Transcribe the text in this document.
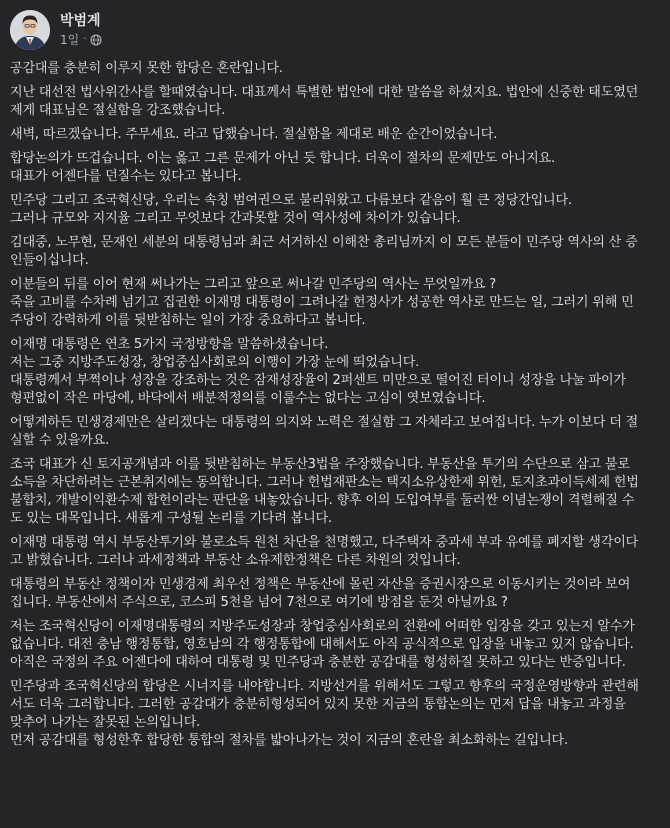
박범계
1일 ·
공감대를 충분히 이루지 못한 합당은 혼란입니다.
지난 대선전 법사위간사를 할때였습니다. 대표께서 특별한 법안에 대한 말씀을 하셨지요. 법안에 신중한 태도였던
제게 대표님은 절실함을 강조했습니다.
새벽, 따르겠습니다. 주무세요. 라고 답했습니다. 절실함을 제대로 배운 순간이었습니다.
합당논의가 뜨겁습니다. 이는 옳고 그른 문제가 아닌 듯 합니다. 더욱이 절차의 문제만도 아니지요.
대표가 어젠다를 던질수는 있다고 봅니다.
민주당 그리고 조국혁신당, 우리는 속칭 범여권으로 불리워왔고 다름보다 같음이 훨 큰 정당간입니다.
그러나 규모와 지지율 그리고 무엇보다 간과못할 것이 역사성에 차이가 있습니다.
김대중, 노무현, 문재인 세분의 대통령님과 최근 서거하신 이해찬 총리님까지 이 모든 분들이 민주당 역사의 산 증
인들이십니다.
이분들의 뒤를 이어 현재 써나가는 그리고 앞으로 써나갈 민주당의 역사는 무엇일까요 ?
죽을 고비를 수차례 넘기고 집권한 이재명 대통령이 그려나갈 헌정사가 성공한 역사로 만드는 일, 그러기 위해 민
주당이 강력하게 이를 뒷받침하는 일이 가장 중요하다고 봅니다.
이재명 대통령은 연초 5가지 국정방향을 말씀하셨습니다.
저는 그중 지방주도성장, 창업중심사회로의 이행이 가장 눈에 띄었습니다.
대통령께서 부쩍이나 성장을 강조하는 것은 잠재성장율이 2퍼센트 미만으로 떨어진 터이니 성장을 나눌 파이가
형편없이 작은 마당에, 바닥에서 배분적정의를 이룰수는 없다는 고심이 엿보였습니다.
어떻게하든 민생경제만은 살리겠다는 대통령의 의지와 노력은 절실함 그 자체라고 보여집니다. 누가 이보다 더 절
실할 수 있을까요.
조국 대표가 신 토지공개념과 이를 뒷받침하는 부동산3법을 주장했습니다. 부동산을 투기의 수단으로 삼고 불로
소득을 차단하려는 근본취지에는 동의합니다. 그러나 헌법재판소는 택지소유상한제 위헌, 토지초과이득세제 헌법
불합치, 개발이익환수제 합헌이라는 판단을 내놓았습니다. 향후 이의 도입여부를 둘러싼 이념논쟁이 격렬해질 수
도 있는 대목입니다. 새롭게 구성될 논리를 기다려 봅니다.
이재명 대통령 역시 부동산투기와 불로소득 원천 차단을 천명했고, 다주택자 중과세 부과 유예를 폐지할 생각이다
고 밝혔습니다. 그러나 과세정책과 부동산 소유제한정책은 다른 차원의 것입니다.
대통령의 부동산 정책이자 민생경제 최우선 정책은 부동산에 몰린 자산을 증권시장으로 이동시키는 것이라 보여
집니다. 부동산에서 주식으로, 코스피 5천을 넘어 7천으로 여기에 방점을 둔것 아닐까요 ?
저는 조국혁신당이 이재명대통령의 지방주도성장과 창업중심사회로의 전환에 어떠한 입장을 갖고 있는지 알수가
없습니다. 대전 충남 행정통합, 영호남의 각 행정통합에 대해서도 아직 공식적으로 입장을 내놓고 있지 않습니다.
아직은 국정의 주요 어젠다에 대하여 대통령 및 민주당과 충분한 공감대를 형성하질 못하고 있다는 반증입니다.
민주당과 조국혁신당의 합당은 시너지를 내야합니다. 지방선거를 위해서도 그렇고 향후의 국정운영방향과 관련해
서도 더욱 그러합니다. 그러한 공감대가 충분히형성되어 있지 못한 지금의 통합논의는 먼저 답을 내놓고 과정을
맞추어 나가는 잘못된 논의입니다.
먼저 공감대를 형성한후 합당한 통합의 절차를 밟아나가는 것이 지금의 혼란을 최소화하는 길입니다.
